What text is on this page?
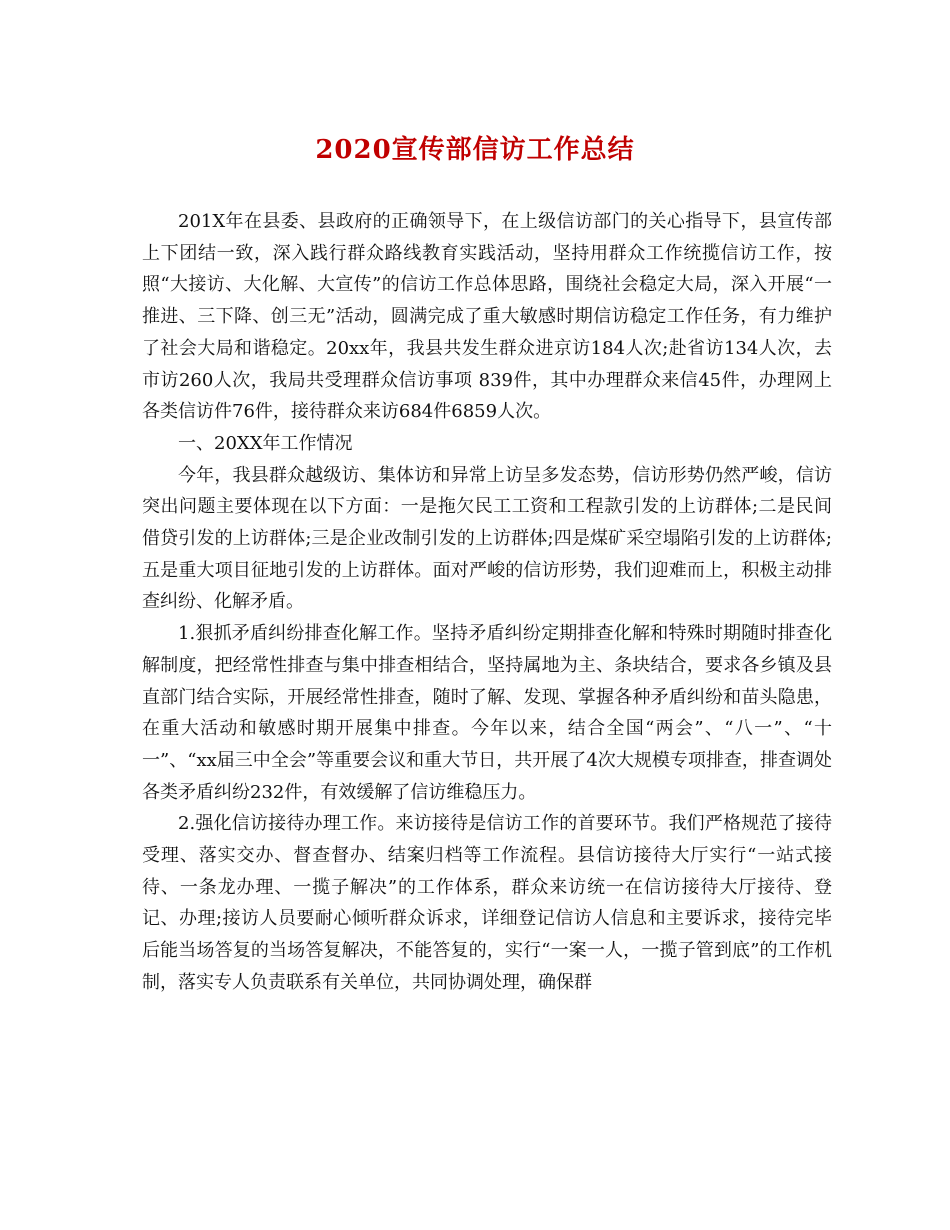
2020宣传部信访工作总结

201X年在县委、县政府的正确领导下，在上级信访部门的关心指导下，县宣传部上下团结一致，深入践行群众路线教育实践活动，坚持用群众工作统揽信访工作，按照“大接访、大化解、大宣传”的信访工作总体思路，围绕社会稳定大局，深入开展“一推进、三下降、创三无”活动，圆满完成了重大敏感时期信访稳定工作任务，有力维护了社会大局和谐稳定。20xx年，我县共发生群众进京访184人次;赴省访134人次，去市访260人次，我局共受理群众信访事项 839件，其中办理群众来信45件，办理网上各类信访件76件，接待群众来访684件6859人次。

一、20XX年工作情况

今年，我县群众越级访、集体访和异常上访呈多发态势，信访形势仍然严峻，信访突出问题主要体现在以下方面：一是拖欠民工工资和工程款引发的上访群体;二是民间借贷引发的上访群体;三是企业改制引发的上访群体;四是煤矿采空塌陷引发的上访群体;五是重大项目征地引发的上访群体。面对严峻的信访形势，我们迎难而上，积极主动排查纠纷、化解矛盾。

1.狠抓矛盾纠纷排查化解工作。坚持矛盾纠纷定期排查化解和特殊时期随时排查化解制度，把经常性排查与集中排查相结合，坚持属地为主、条块结合，要求各乡镇及县直部门结合实际，开展经常性排查，随时了解、发现、掌握各种矛盾纠纷和苗头隐患，在重大活动和敏感时期开展集中排查。今年以来，结合全国“两会”、“八一”、“十一”、“xx届三中全会”等重要会议和重大节日，共开展了4次大规模专项排查，排查调处各类矛盾纠纷232件，有效缓解了信访维稳压力。

2.强化信访接待办理工作。来访接待是信访工作的首要环节。我们严格规范了接待受理、落实交办、督查督办、结案归档等工作流程。县信访接待大厅实行“一站式接待、一条龙办理、一揽子解决”的工作体系，群众来访统一在信访接待大厅接待、登记、办理;接访人员要耐心倾听群众诉求，详细登记信访人信息和主要诉求，接待完毕后能当场答复的当场答复解决，不能答复的，实行“一案一人，一揽子管到底”的工作机制，落实专人负责联系有关单位，共同协调处理，确保群
